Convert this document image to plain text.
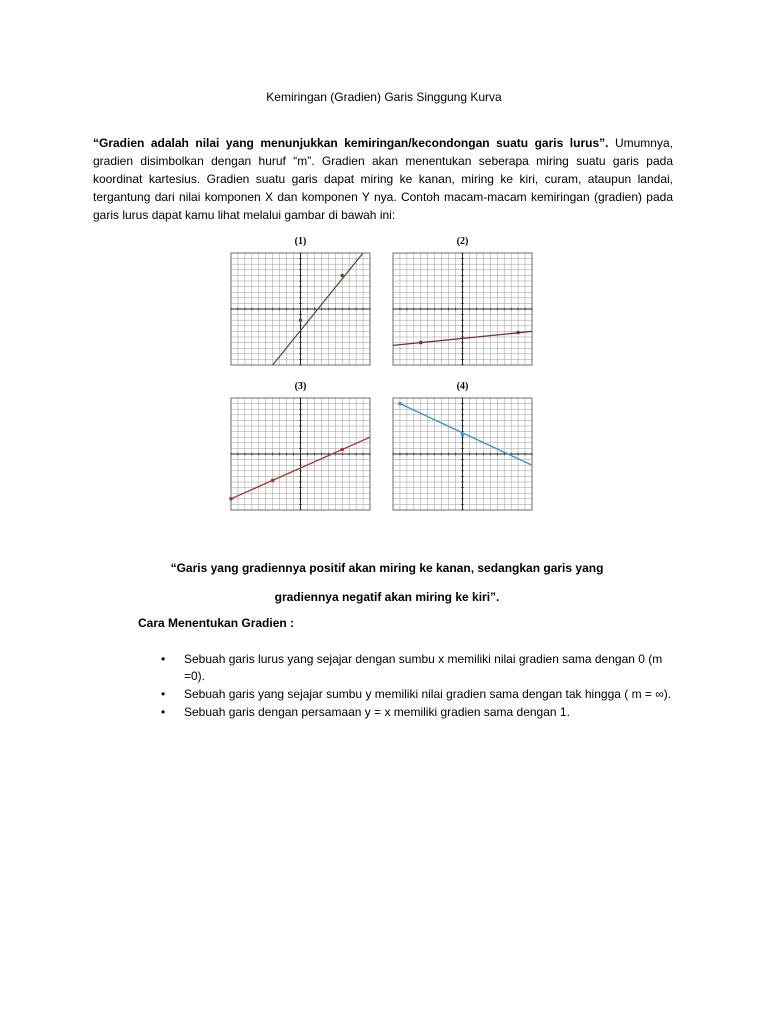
Kemiringan (Gradien) Garis Singgung Kurva

“Gradien adalah nilai yang menunjukkan kemiringan/kecondongan suatu garis lurus”. Umumnya, gradien disimbolkan dengan huruf “m”. Gradien akan menentukan seberapa miring suatu garis pada koordinat kartesius. Gradien suatu garis dapat miring ke kanan, miring ke kiri, curam, ataupun landai, tergantung dari nilai komponen X dan komponen Y nya. Contoh macam-macam kemiringan (gradien) pada garis lurus dapat kamu lihat melalui gambar di bawah ini:

(1)	(2)
(3)	(4)
“Garis yang gradiennya positif akan miring ke kanan, sedangkan garis yang
gradiennya negatif akan miring ke kiri”.
Cara Menentukan Gradien :
• Sebuah garis lurus yang sejajar dengan sumbu x memiliki nilai gradien sama dengan 0 (m =0).
• Sebuah garis yang sejajar sumbu y memiliki nilai gradien sama dengan tak hingga ( m = ∞).
• Sebuah garis dengan persamaan y = x memiliki gradien sama dengan 1.
